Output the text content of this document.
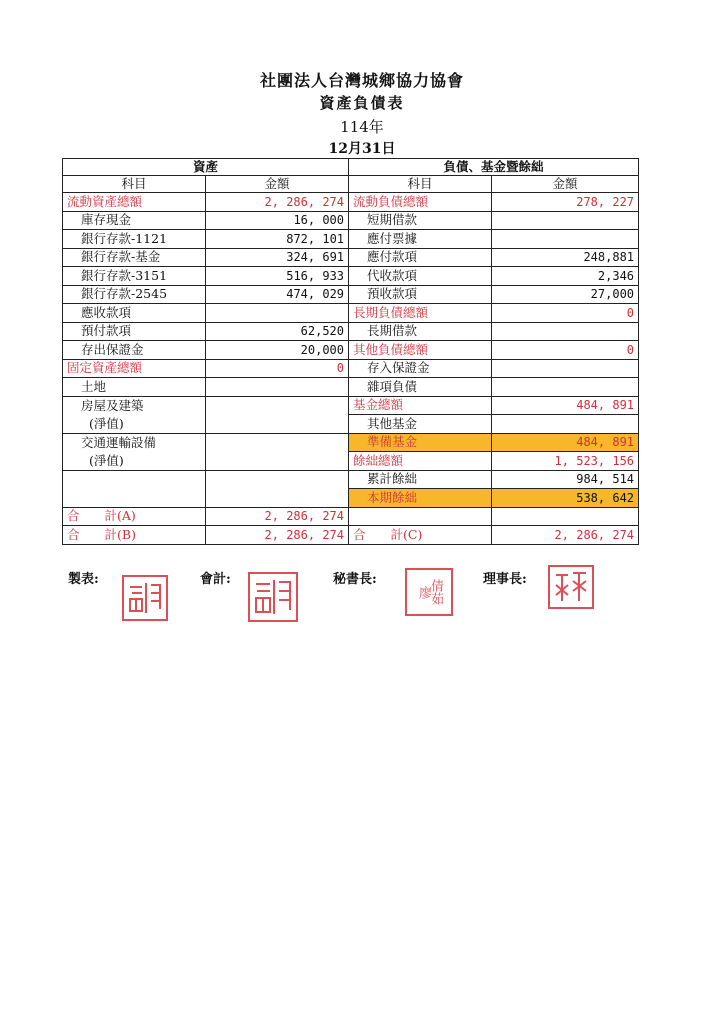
社團法人台灣城鄉協力協會
資產負債表
114年
12月31日
資產		負債、基金暨餘絀	
科目	金額	科目	金額
流動資產總額	2, 286, 274	流動負債總額	278, 227
庫存現金	16, 000	短期借款	
銀行存款-1121	872, 101	應付票據	
銀行存款-基金	324, 691	應付款項	248,881
銀行存款-3151	516, 933	代收款項	2,346
銀行存款-2545	474, 029	預收款項	27,000
應收款項		長期負債總額	0
預付款項	62,520	長期借款	
存出保證金	20,000	其他負債總額	0
固定資產總額	0	存入保證金	
土地		雜項負債	
房屋及建築		基金總額	484, 891
(淨值)		其他基金	
交通運輸設備		準備基金	484, 891
(淨值)		餘絀總額	1, 523, 156
		累計餘絀	984, 514
		本期餘絀	538, 642
合　　計(A)	2, 286, 274		
合　　計(B)	2, 286, 274	合　　計(C)	2, 286, 274
製表:	會計:	秘書長:	理事長:
廖
倩茹
